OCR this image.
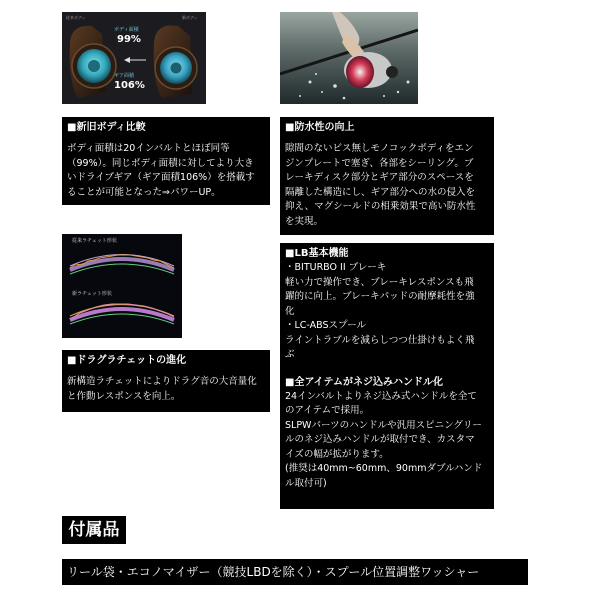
新ボディ
従来ボディ
ボディ面積
99%
ギア面積
106%
■新旧ボディ比較
ボディ面積は20インバルトとほぼ同等
（99%）。同じボディ面積に対してより大き
いドライブギア（ギア面積106%）を搭載す
ることが可能となった⇒パワーUP。
■防水性の向上
隙間のないビス無しモノコックボディをエン
ジンプレートで塞ぎ、各部をシーリング。ブ
レーキディスク部分とギア部分のスペースを
隔離した構造にし、ギア部分への水の侵入を
抑え、マグシールドの相乗効果で高い防水性
を実現。
従来ラチェット形状
新ラチェット形状
■ドラグラチェットの進化
新構造ラチェットによりドラグ音の大音量化
と作動レスポンスを向上。
■LB基本機能
・BITURBO II ブレーキ
軽い力で操作でき、ブレーキレスポンスも飛
躍的に向上。ブレーキパッドの耐摩耗性を強
化
・LC-ABSスプール
ライントラブルを減らしつつ仕掛けもよく飛
ぶ
■全アイテムがネジ込みハンドル化
24インバルトよりネジ込み式ハンドルを全て
のアイテムで採用。
SLPWパーツのハンドルや汎用スピニングリー
ルのネジ込みハンドルが取付でき、カスタマ
イズの幅が拡がります。
(推奨は40mm~60mm、90mmダブルハンド
ル取付可)
付属品
リール袋・エコノマイザー（競技LBDを除く）・スプール位置調整ワッシャー
